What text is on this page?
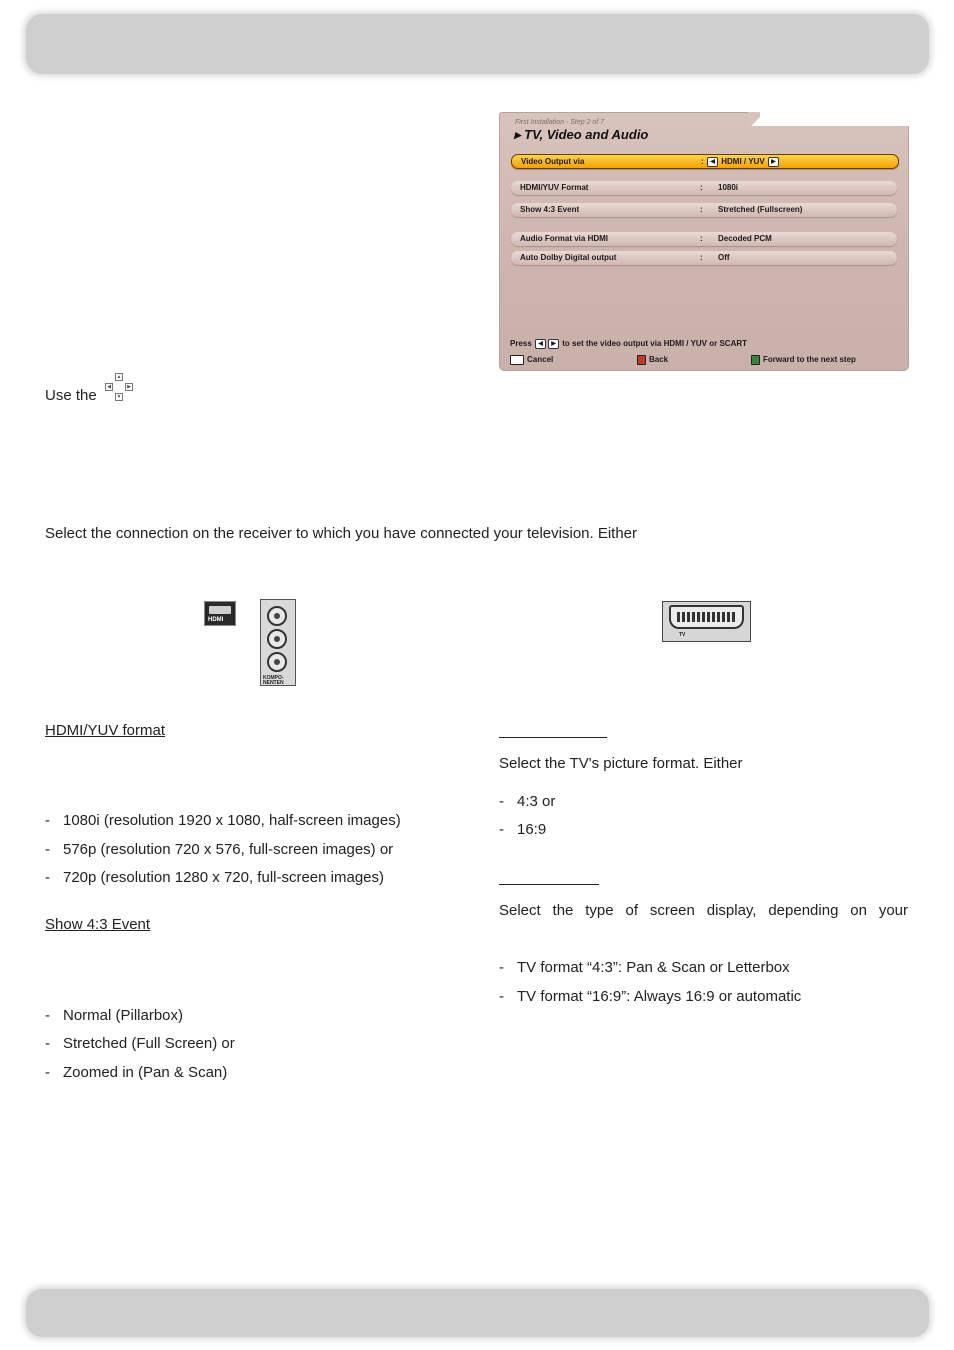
First Installation - Step 2 of 7
▸ TV, Video and Audio
Video Output via	:	◀ HDMI / YUV ▶
HDMI/YUV Format	: 1080i
Show 4:3 Event	: Stretched (Fullscreen)
Audio Format via HDMI	: Decoded PCM
Auto Dolby Digital output	: Off
Press ◀ ▶ to set the video output via HDMI / YUV or SCART
Cancel	Back	Forward to the next step
Use the
▲
◀	▶
▼
Select the connection on the receiver to which you have connected your television. Either
HDMI
KOMPO-
NENTEN
TV
HDMI/YUV format
- 1080i (resolution 1920 x 1080, half-screen images)
- 576p (resolution 720 x 576, full-screen images) or
- 720p (resolution 1280 x 720, full-screen images)
Show 4:3 Event
- Normal (Pillarbox)
- Stretched (Full Screen) or
- Zoomed in (Pan & Scan)
Select the TV's picture format. Either
- 4:3 or
- 16:9
Select the type of screen display, depending on your
- TV format “4:3”: Pan & Scan or Letterbox
- TV format “16:9”: Always 16:9 or automatic
